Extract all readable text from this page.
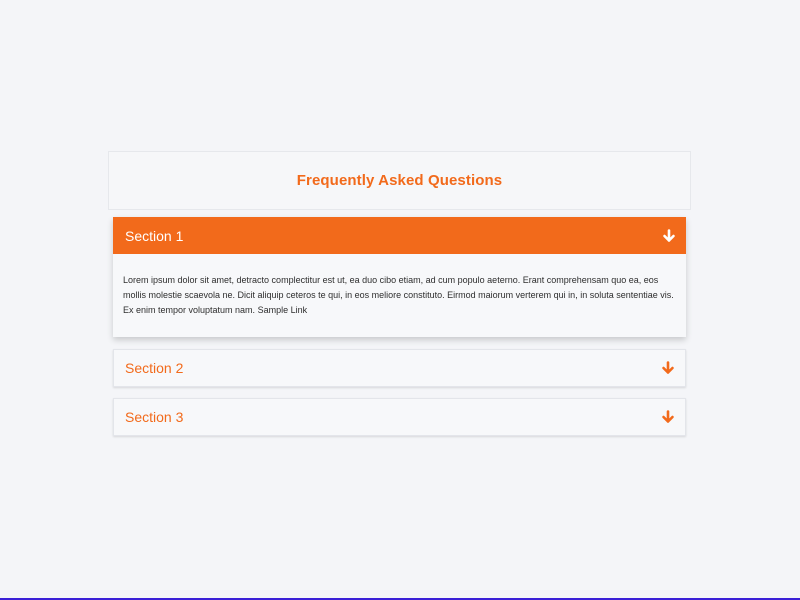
Frequently Asked Questions
Section 1
Lorem ipsum dolor sit amet, detracto complectitur est ut, ea duo cibo etiam, ad cum populo aeterno. Erant comprehensam quo ea, eos mollis molestie scaevola ne. Dicit aliquip ceteros te qui, in eos meliore constituto. Eirmod maiorum verterem qui in, in soluta sententiae vis. Ex enim tempor voluptatum nam. Sample Link
Section 2
Section 3
